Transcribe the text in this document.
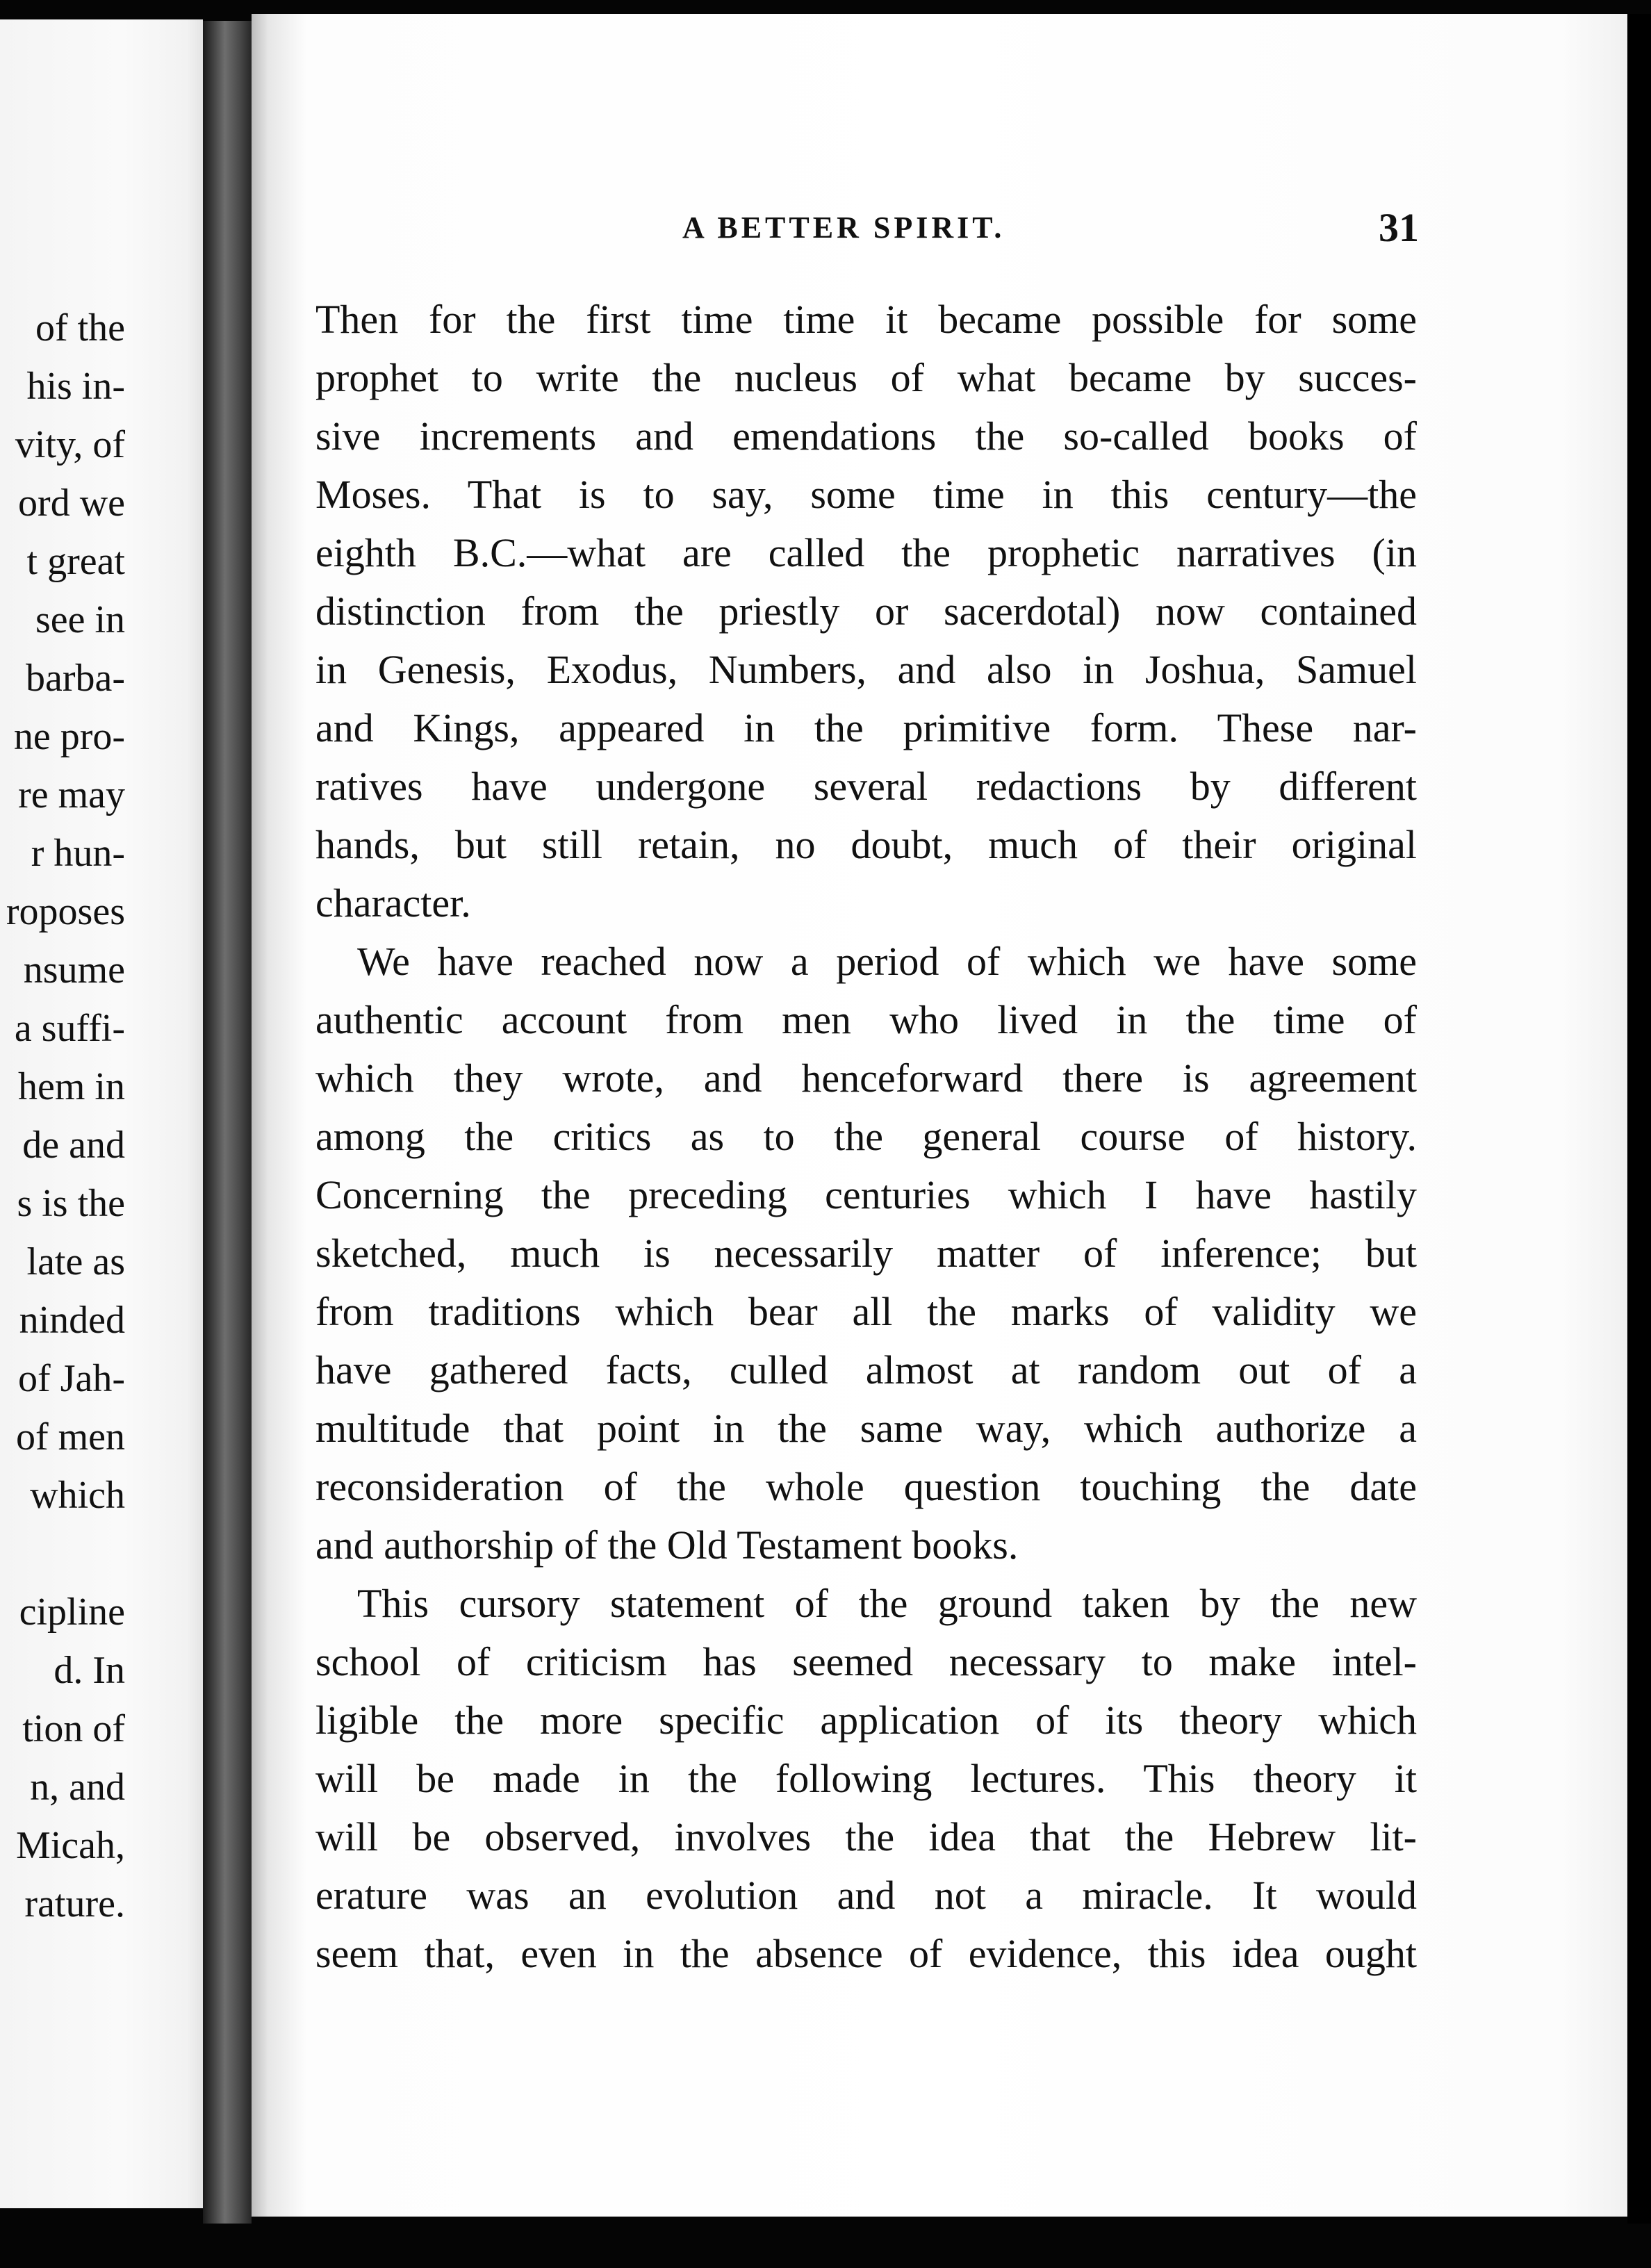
of the
his in-
vity, of
ord we
t great
see in
barba-
ne pro-
re may
r hun-
roposes
nsume
a suffi-
hem in
de and
s is the
late as
ninded
of Jah-
of men
which
cipline
d. In
tion of
n, and
Micah,
rature.
A BETTER SPIRIT.	31
Then for the first time time it became possible for some
prophet to write the nucleus of what became by succes-
sive increments and emendations the so-called books of
Moses. That is to say, some time in this century—the
eighth B.C.—what are called the prophetic narratives (in
distinction from the priestly or sacerdotal) now contained
in Genesis, Exodus, Numbers, and also in Joshua, Samuel
and Kings, appeared in the primitive form. These nar-
ratives have undergone several redactions by different
hands, but still retain, no doubt, much of their original
character.
We have reached now a period of which we have some
authentic account from men who lived in the time of
which they wrote, and henceforward there is agreement
among the critics as to the general course of history.
Concerning the preceding centuries which I have hastily
sketched, much is necessarily matter of inference; but
from traditions which bear all the marks of validity we
have gathered facts, culled almost at random out of a
multitude that point in the same way, which authorize a
reconsideration of the whole question touching the date
and authorship of the Old Testament books.
This cursory statement of the ground taken by the new
school of criticism has seemed necessary to make intel-
ligible the more specific application of its theory which
will be made in the following lectures. This theory it
will be observed, involves the idea that the Hebrew lit-
erature was an evolution and not a miracle. It would
seem that, even in the absence of evidence, this idea ought
